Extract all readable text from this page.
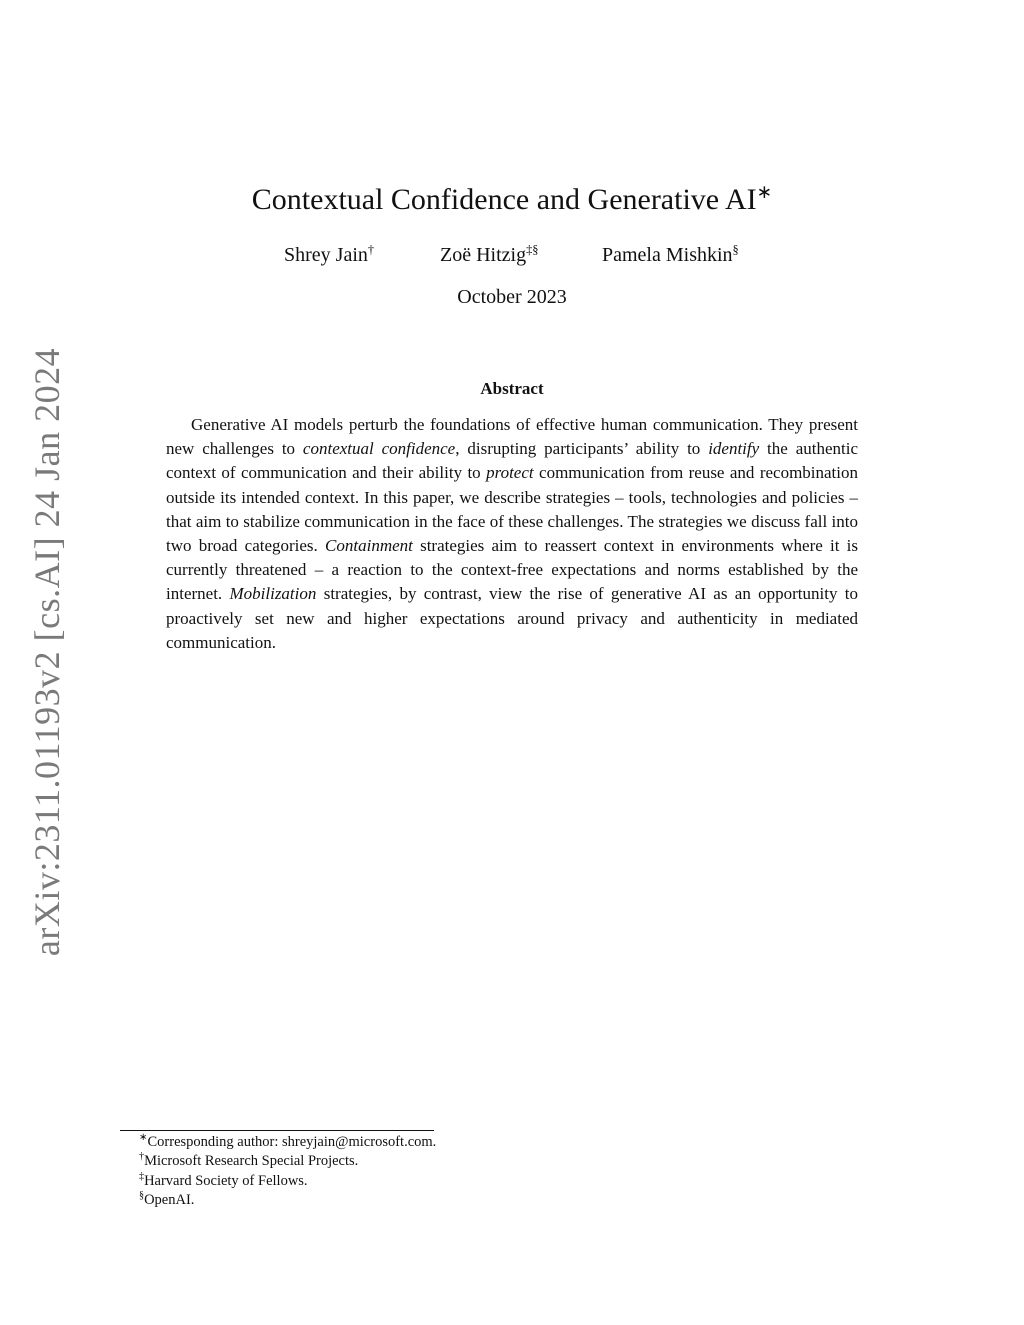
arXiv:2311.01193v2 [cs.AI] 24 Jan 2024
Contextual Confidence and Generative AI∗
Shrey Jain†	Zoë Hitzig‡§	Pamela Mishkin§
October 2023
Abstract

Generative AI models perturb the foundations of effective human communication. They present new challenges to contextual confidence, disrupting participants’ ability to identify the authentic context of communication and their ability to protect communication from reuse and recombination outside its intended context. In this paper, we describe strategies – tools, technologies and policies – that aim to stabilize communication in the face of these challenges. The strategies we discuss fall into two broad categories. Containment strategies aim to reassert context in environments where it is currently threatened – a reaction to the context-free expectations and norms established by the internet. Mobilization strategies, by contrast, view the rise of generative AI as an opportunity to proactively set new and higher expectations around privacy and authenticity in mediated communication.

∗Corresponding author: shreyjain@microsoft.com.
†Microsoft Research Special Projects.
‡Harvard Society of Fellows.
§OpenAI.
